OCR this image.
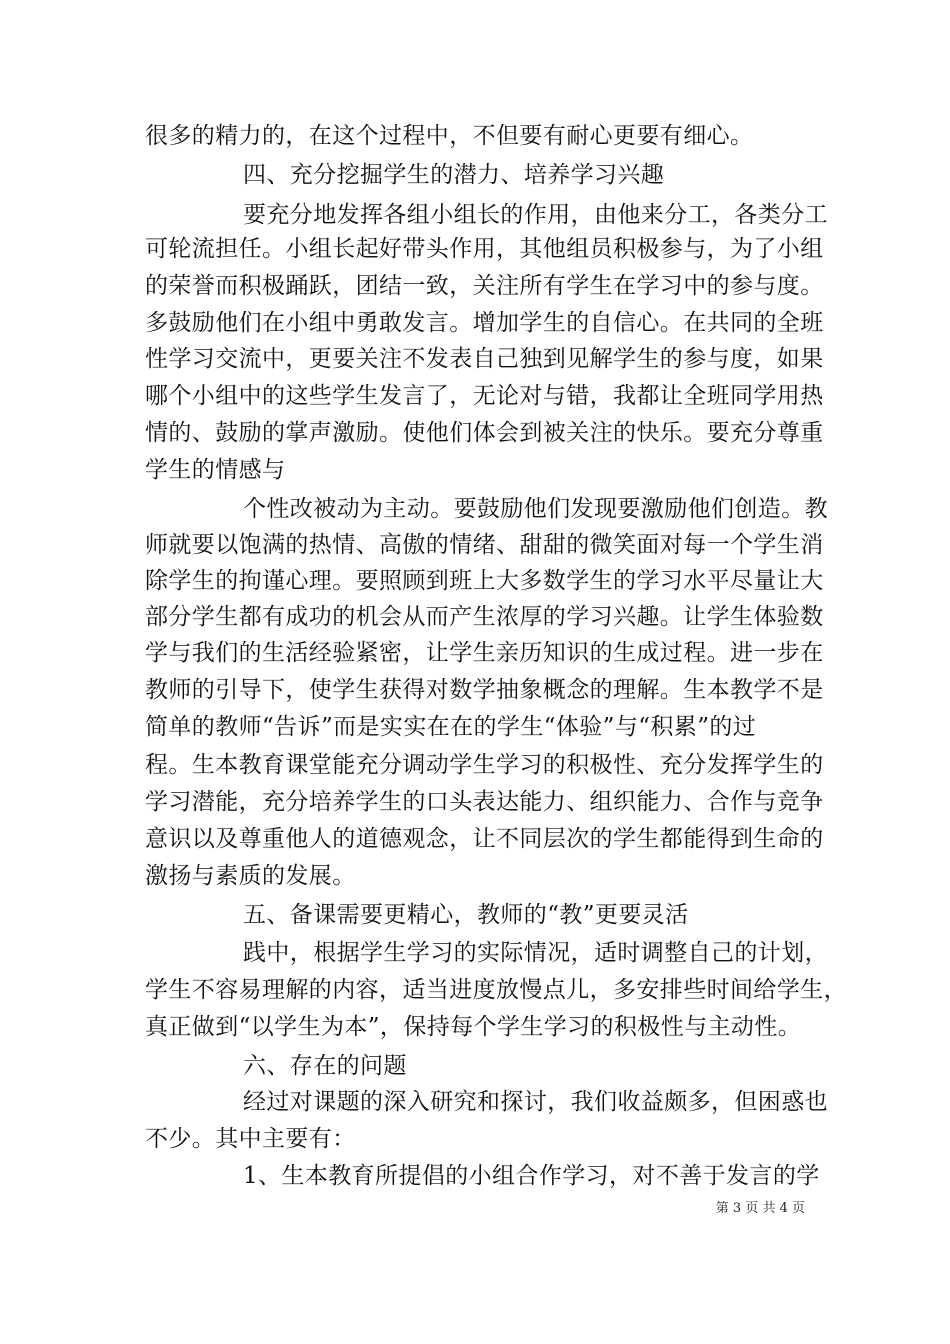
很多的精力的，在这个过程中，不但要有耐心更要有细心。
四、充分挖掘学生的潜力、培养学习兴趣
要充分地发挥各组小组长的作用，由他来分工，各类分工
可轮流担任。小组长起好带头作用，其他组员积极参与，为了小组
的荣誉而积极踊跃，团结一致，关注所有学生在学习中的参与度。
多鼓励他们在小组中勇敢发言。增加学生的自信心。在共同的全班
性学习交流中，更要关注不发表自己独到见解学生的参与度，如果
哪个小组中的这些学生发言了，无论对与错，我都让全班同学用热
情的、鼓励的掌声激励。使他们体会到被关注的快乐。要充分尊重
学生的情感与
个性改被动为主动。要鼓励他们发现要激励他们创造。教
师就要以饱满的热情、高傲的情绪、甜甜的微笑面对每一个学生消
除学生的拘谨心理。要照顾到班上大多数学生的学习水平尽量让大
部分学生都有成功的机会从而产生浓厚的学习兴趣。让学生体验数
学与我们的生活经验紧密，让学生亲历知识的生成过程。进一步在
教师的引导下，使学生获得对数学抽象概念的理解。生本教学不是
简单的教师“告诉”而是实实在在的学生“体验”与“积累”的过
程。生本教育课堂能充分调动学生学习的积极性、充分发挥学生的
学习潜能，充分培养学生的口头表达能力、组织能力、合作与竞争
意识以及尊重他人的道德观念，让不同层次的学生都能得到生命的
激扬与素质的发展。
五、备课需要更精心，教师的“教”更要灵活
践中，根据学生学习的实际情况，适时调整自己的计划，
学生不容易理解的内容，适当进度放慢点儿，多安排些时间给学生，
真正做到“以学生为本”，保持每个学生学习的积极性与主动性。
六、存在的问题
经过对课题的深入研究和探讨，我们收益颇多，但困惑也
不少。其中主要有：
1、生本教育所提倡的小组合作学习，对不善于发言的学
第 3 页 共 4 页
